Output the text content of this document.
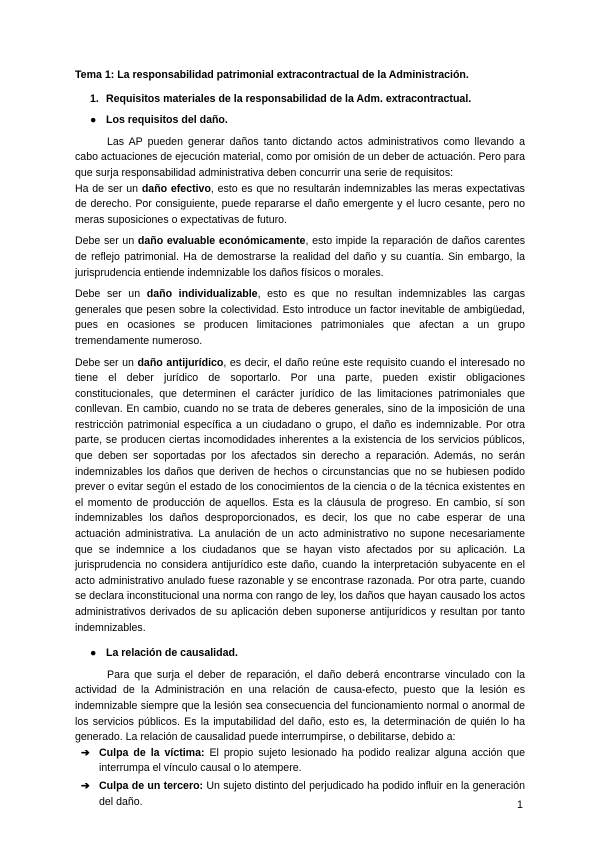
Tema 1: La responsabilidad patrimonial extracontractual de la Administración.
1. Requisitos materiales de la responsabilidad de la Adm. extracontractual.
● Los requisitos del daño.

Las AP pueden generar daños tanto dictando actos administrativos como llevando a cabo actuaciones de ejecución material, como por omisión de un deber de actuación. Pero para que surja responsabilidad administrativa deben concurrir una serie de requisitos:

Ha de ser un daño efectivo, esto es que no resultarán indemnizables las meras expectativas de derecho. Por consiguiente, puede repararse el daño emergente y el lucro cesante, pero no meras suposiciones o expectativas de futuro.

Debe ser un daño evaluable económicamente, esto impide la reparación de daños carentes de reflejo patrimonial. Ha de demostrarse la realidad del daño y su cuantía. Sin embargo, la jurisprudencia entiende indemnizable los daños físicos o morales.

Debe ser un daño individualizable, esto es que no resultan indemnizables las cargas generales que pesen sobre la colectividad. Esto introduce un factor inevitable de ambigüedad, pues en ocasiones se producen limitaciones patrimoniales que afectan a un grupo tremendamente numeroso.

Debe ser un daño antijurídico, es decir, el daño reúne este requisito cuando el interesado no tiene el deber jurídico de soportarlo. Por una parte, pueden existir obligaciones constitucionales, que determinen el carácter jurídico de las limitaciones patrimoniales que conllevan. En cambio, cuando no se trata de deberes generales, sino de la imposición de una restricción patrimonial específica a un ciudadano o grupo, el daño es indemnizable. Por otra parte, se producen ciertas incomodidades inherentes a la existencia de los servicios públicos, que deben ser soportadas por los afectados sin derecho a reparación. Además, no serán indemnizables los daños que deriven de hechos o circunstancias que no se hubiesen podido prever o evitar según el estado de los conocimientos de la ciencia o de la técnica existentes en el momento de producción de aquellos. Esta es la cláusula de progreso. En cambio, sí son indemnizables los daños desproporcionados, es decir, los que no cabe esperar de una actuación administrativa. La anulación de un acto administrativo no supone necesariamente que se indemnice a los ciudadanos que se hayan visto afectados por su aplicación. La jurisprudencia no considera antijurídico este daño, cuando la interpretación subyacente en el acto administrativo anulado fuese razonable y se encontrase razonada. Por otra parte, cuando se declara inconstitucional una norma con rango de ley, los daños que hayan causado los actos administrativos derivados de su aplicación deben suponerse antijurídicos y resultan por tanto indemnizables.

● La relación de causalidad.

Para que surja el deber de reparación, el daño deberá encontrarse vinculado con la actividad de la Administración en una relación de causa-efecto, puesto que la lesión es indemnizable siempre que la lesión sea consecuencia del funcionamiento normal o anormal de los servicios públicos. Es la imputabilidad del daño, esto es, la determinación de quién lo ha generado. La relación de causalidad puede interrumpirse, o debilitarse, debido a:

➔ Culpa de la víctima: El propio sujeto lesionado ha podido realizar alguna acción que interrumpa el vínculo causal o lo atempere.
➔ Culpa de un tercero: Un sujeto distinto del perjudicado ha podido influir en la generación del daño.	1
